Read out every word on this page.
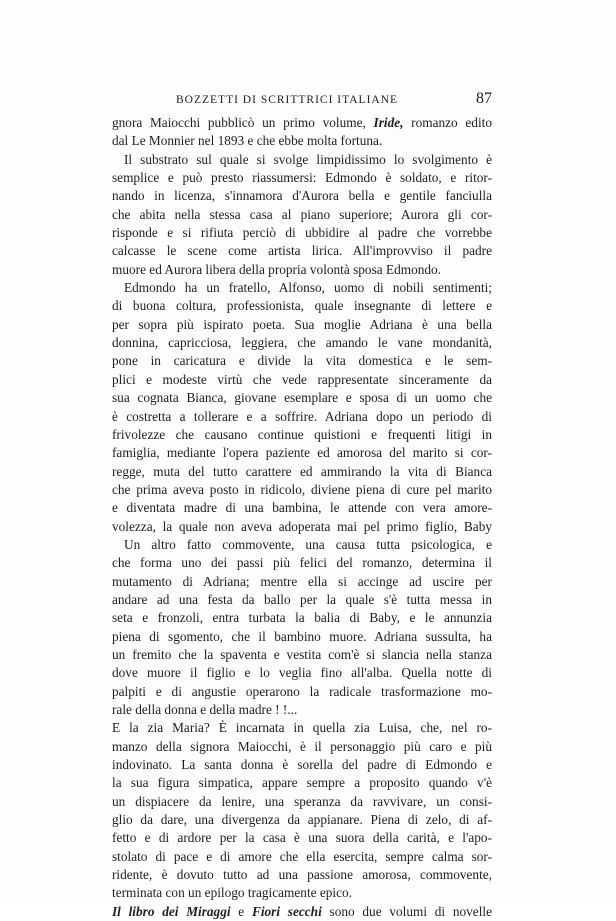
BOZZETTI DI SCRITTRICI ITALIANE	87
gnora Maiocchi pubblicò un primo volume, Iride, romanzo edito
dal Le Monnier nel 1893 e che ebbe molta fortuna.
Il substrato sul quale si svolge limpidissimo lo svolgimento è
semplice e può presto riassumersi: Edmondo è soldato, e ritor-
nando in licenza, s'innamora d'Aurora bella e gentile fanciulla
che abita nella stessa casa al piano superiore; Aurora gli cor-
risponde e si rifiuta perciò di ubbidire al padre che vorrebbe
calcasse le scene come artista lirica. All'improvviso il padre
muore ed Aurora libera della propria volontà sposa Edmondo.
Edmondo ha un fratello, Alfonso, uomo di nobili sentimenti;
di buona coltura, professionista, quale insegnante di lettere e
per sopra più ispirato poeta. Sua moglie Adriana è una bella
donnina, capricciosa, leggiera, che amando le vane mondanità,
pone in caricatura e divide la vita domestica e le sem-
plici e modeste virtù che vede rappresentate sinceramente da
sua cognata Bianca, giovane esemplare e sposa di un uomo che
è costretta a tollerare e a soffrire. Adriana dopo un periodo di
frivolezze che causano continue quistioni e frequenti litigi in
famiglia, mediante l'opera paziente ed amorosa del marito si cor-
regge, muta del tutto carattere ed ammirando la vita di Bianca
che prima aveva posto in ridicolo, diviene piena di cure pel marito
e diventata madre di una bambina, le attende con vera amore-
volezza, la quale non aveva adoperata mai pel primo figlio, Baby
Un altro fatto commovente, una causa tutta psicologica, e
che forma uno dei passi più felici del romanzo, determina il
mutamento di Adriana; mentre ella si accinge ad uscire per
andare ad una festa da ballo per la quale s'è tutta messa in
seta e fronzoli, entra turbata la balia di Baby, e le annunzia
piena di sgomento, che il bambino muore. Adriana sussulta, ha
un fremito che la spaventa e vestita com'è si slancia nella stanza
dove muore il figlio e lo veglia fino all'alba. Quella notte di
palpiti e di angustie operarono la radicale trasformazione mo-
rale della donna e della madre ! !...
E la zia Maria? È incarnata in quella zia Luisa, che, nel ro-
manzo della signora Maiocchi, è il personaggio più caro e più
indovinato. La santa donna è sorella del padre di Edmondo e
la sua figura simpatica, appare sempre a proposito quando v'è
un dispiacere da lenire, una speranza da ravvivare, un consi-
glio da dare, una divergenza da appianare. Piena di zelo, di af-
fetto e di ardore per la casa è una suora della carità, e l'apo-
stolato di pace e di amore che ella esercita, sempre calma sor-
ridente, è dovuto tutto ad una passione amorosa, commovente,
terminata con un epilogo tragicamente epico.
Il libro dei Miraggi e Fiori secchi sono due volumi di novelle
